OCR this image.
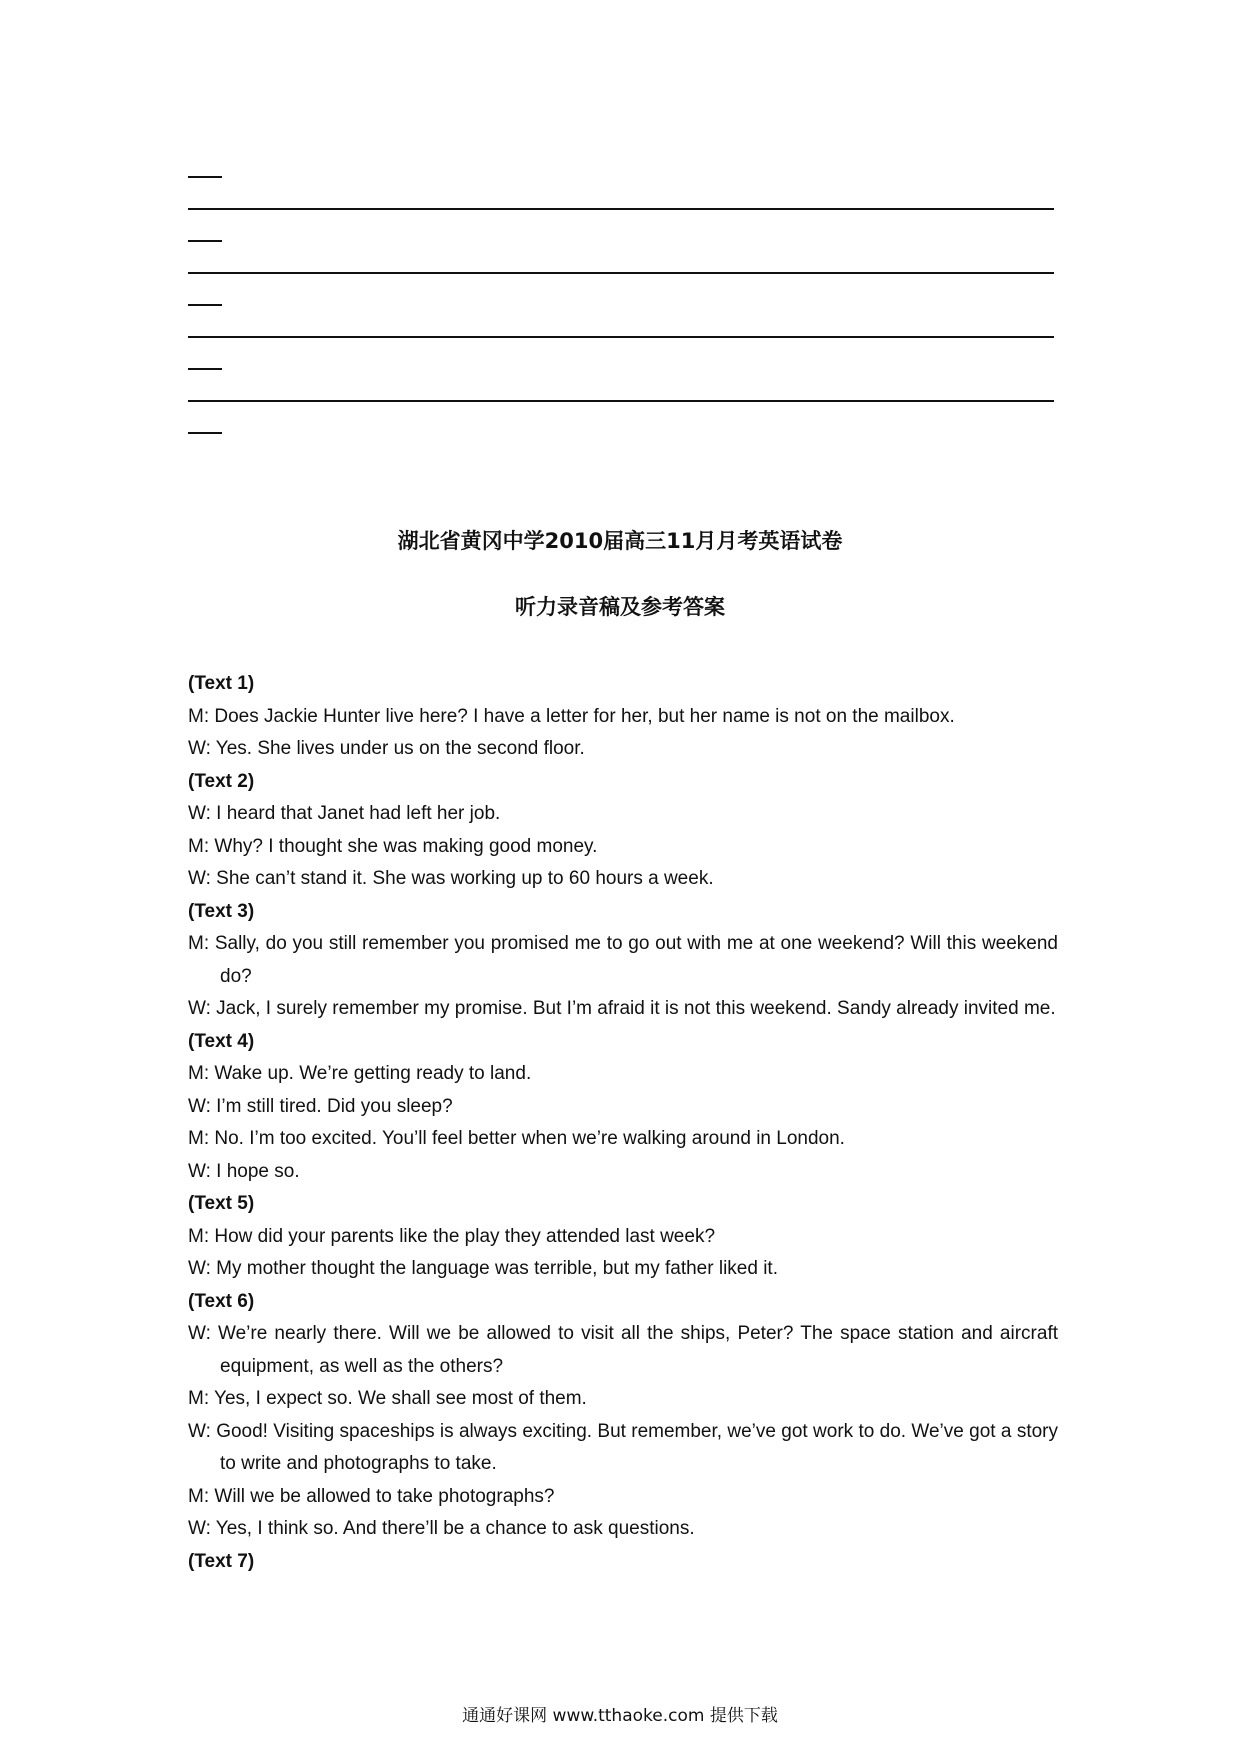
湖北省黄冈中学2010届高三11月月考英语试卷
听力录音稿及参考答案
(Text 1)
M: Does Jackie Hunter live here? I have a letter for her, but her name is not on the mailbox.
W: Yes. She lives under us on the second floor.
(Text 2)
W: I heard that Janet had left her job.
M: Why? I thought she was making good money.
W: She can’t stand it. She was working up to 60 hours a week.
(Text 3)
M: Sally, do you still remember you promised me to go out with me at one weekend? Will this weekend do?
W: Jack, I surely remember my promise. But I’m afraid it is not this weekend. Sandy already invited me.
(Text 4)
M: Wake up. We’re getting ready to land.
W: I’m still tired. Did you sleep?
M: No. I’m too excited. You’ll feel better when we’re walking around in London.
W: I hope so.
(Text 5)
M: How did your parents like the play they attended last week?
W: My mother thought the language was terrible, but my father liked it.
(Text 6)
W: We’re nearly there. Will we be allowed to visit all the ships, Peter? The space station and aircraft equipment, as well as the others?
M: Yes, I expect so. We shall see most of them.
W: Good! Visiting spaceships is always exciting. But remember, we’ve got work to do. We’ve got a story to write and photographs to take.
M: Will we be allowed to take photographs?
W: Yes, I think so. And there’ll be a chance to ask questions.
(Text 7)
通通好课网 www.tthaoke.com 提供下载
